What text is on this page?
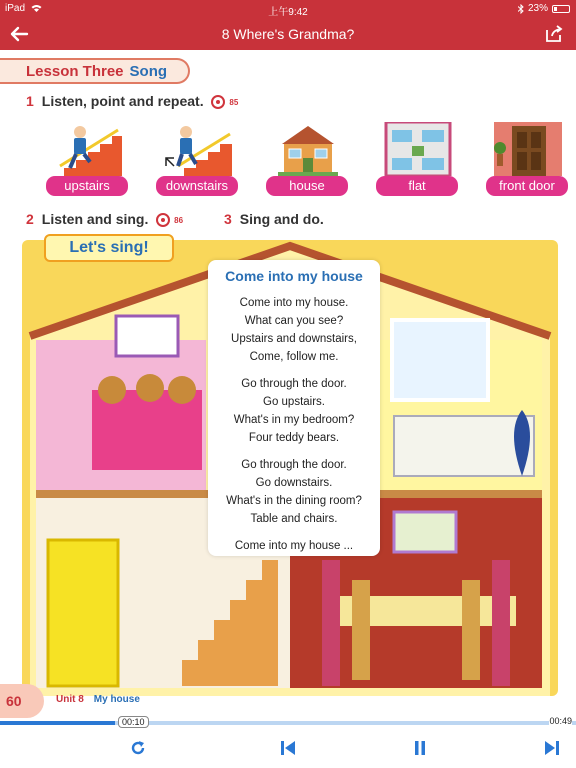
iPad	上午9:42	23%
8 Where's Grandma?
Lesson Three Song
1 Listen, point and repeat.	85
upstairs	downstairs	house	flat	front door
2 Listen and sing.	86	3 Sing and do.
Let's sing!
Come into my house
Come into my house.
What can you see?
Upstairs and downstairs,
Come, follow me.
Go through the door.
Go upstairs.
What's in my bedroom?
Four teddy bears.
Go through the door.
Go downstairs.
What's in the dining room?
Table and chairs.
Come into my house ...
60	Unit 8 My house
00:10	00:49
